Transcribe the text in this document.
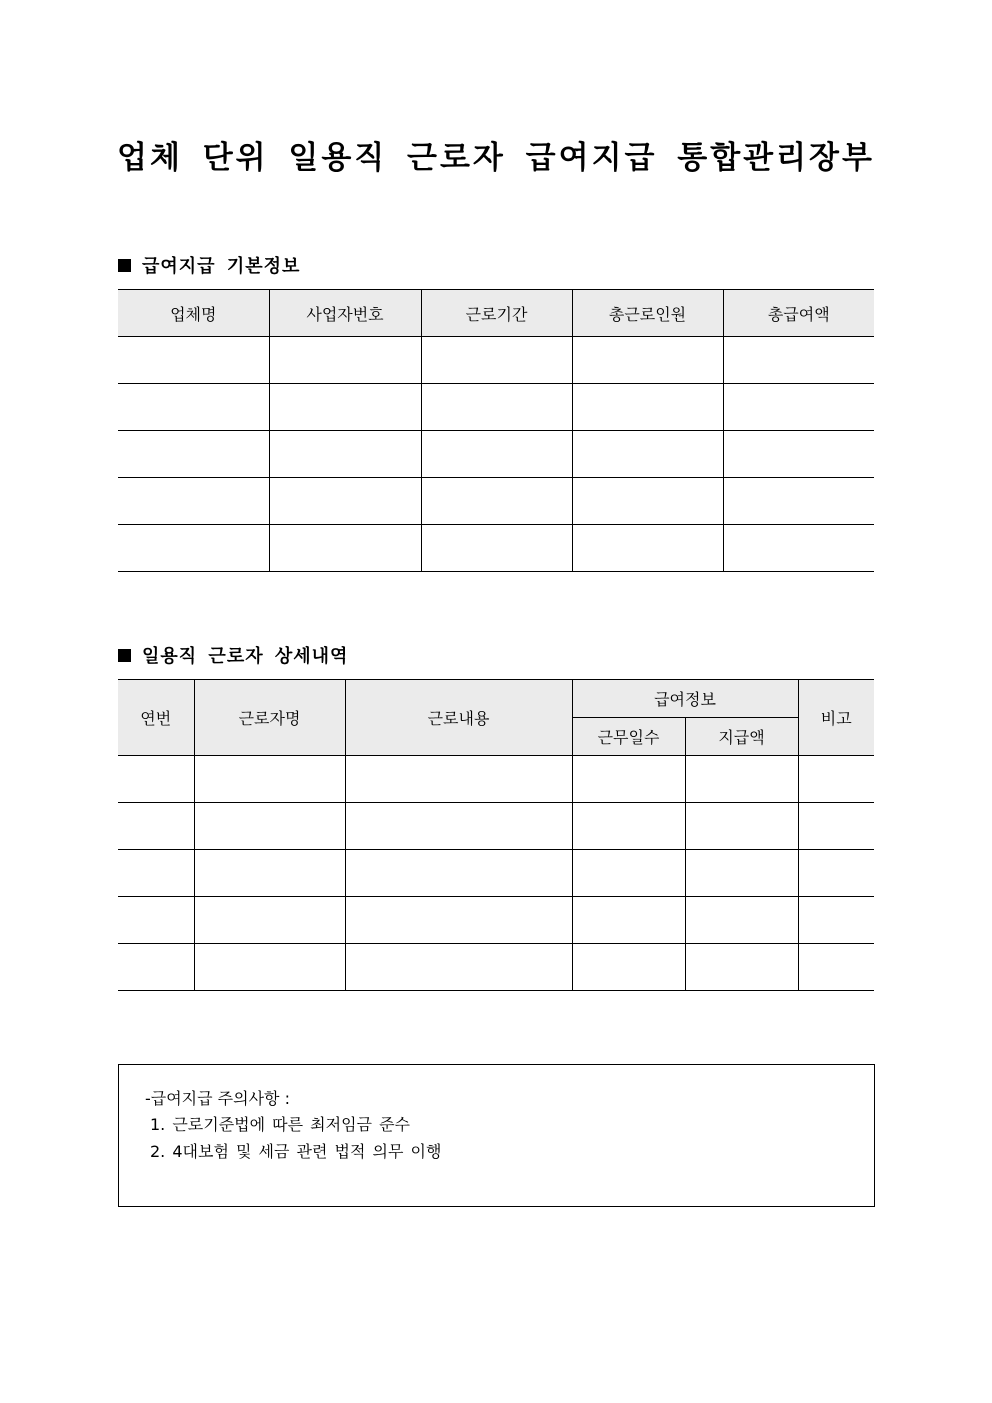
업체 단위 일용직 근로자 급여지급 통합관리장부
급여지급 기본정보
업체명	사업자번호	근로기간	총근로인원	총급여액

일용직 근로자 상세내역
연번	근로자명	근로내용	급여정보		비고
			근무일수	지급액	

-급여지급 주의사항 :
1. 근로기준법에 따른 최저임금 준수
2. 4대보험 및 세금 관련 법적 의무 이행
